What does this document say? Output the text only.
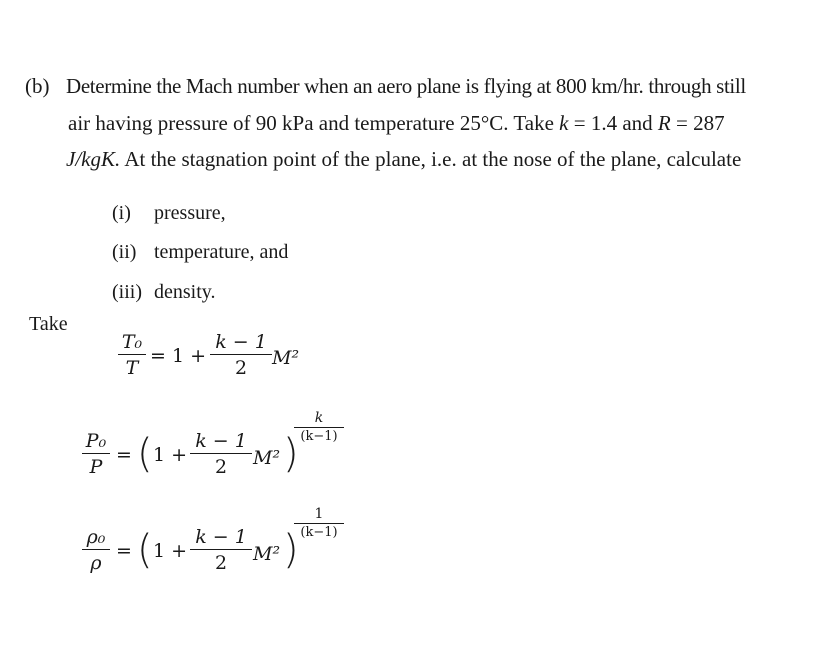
(b) Determine the Mach number when an aero plane is flying at 800 km/hr. through still
air having pressure of 90 kPa and temperature 25°C. Take k = 1.4 and R = 287
J/kgK. At the stagnation point of the plane, i.e. at the nose of the plane, calculate
(i) pressure,
(ii) temperature, and
(iii) density.
Take
T₀
T
= 1 +
k − 1
2	M²
P₀
P
= ( 1 +
k − 1
2	M² )
k
(k−1)
ρ₀
ρ
= ( 1 +
k − 1
2	M² )
1
(k−1)
